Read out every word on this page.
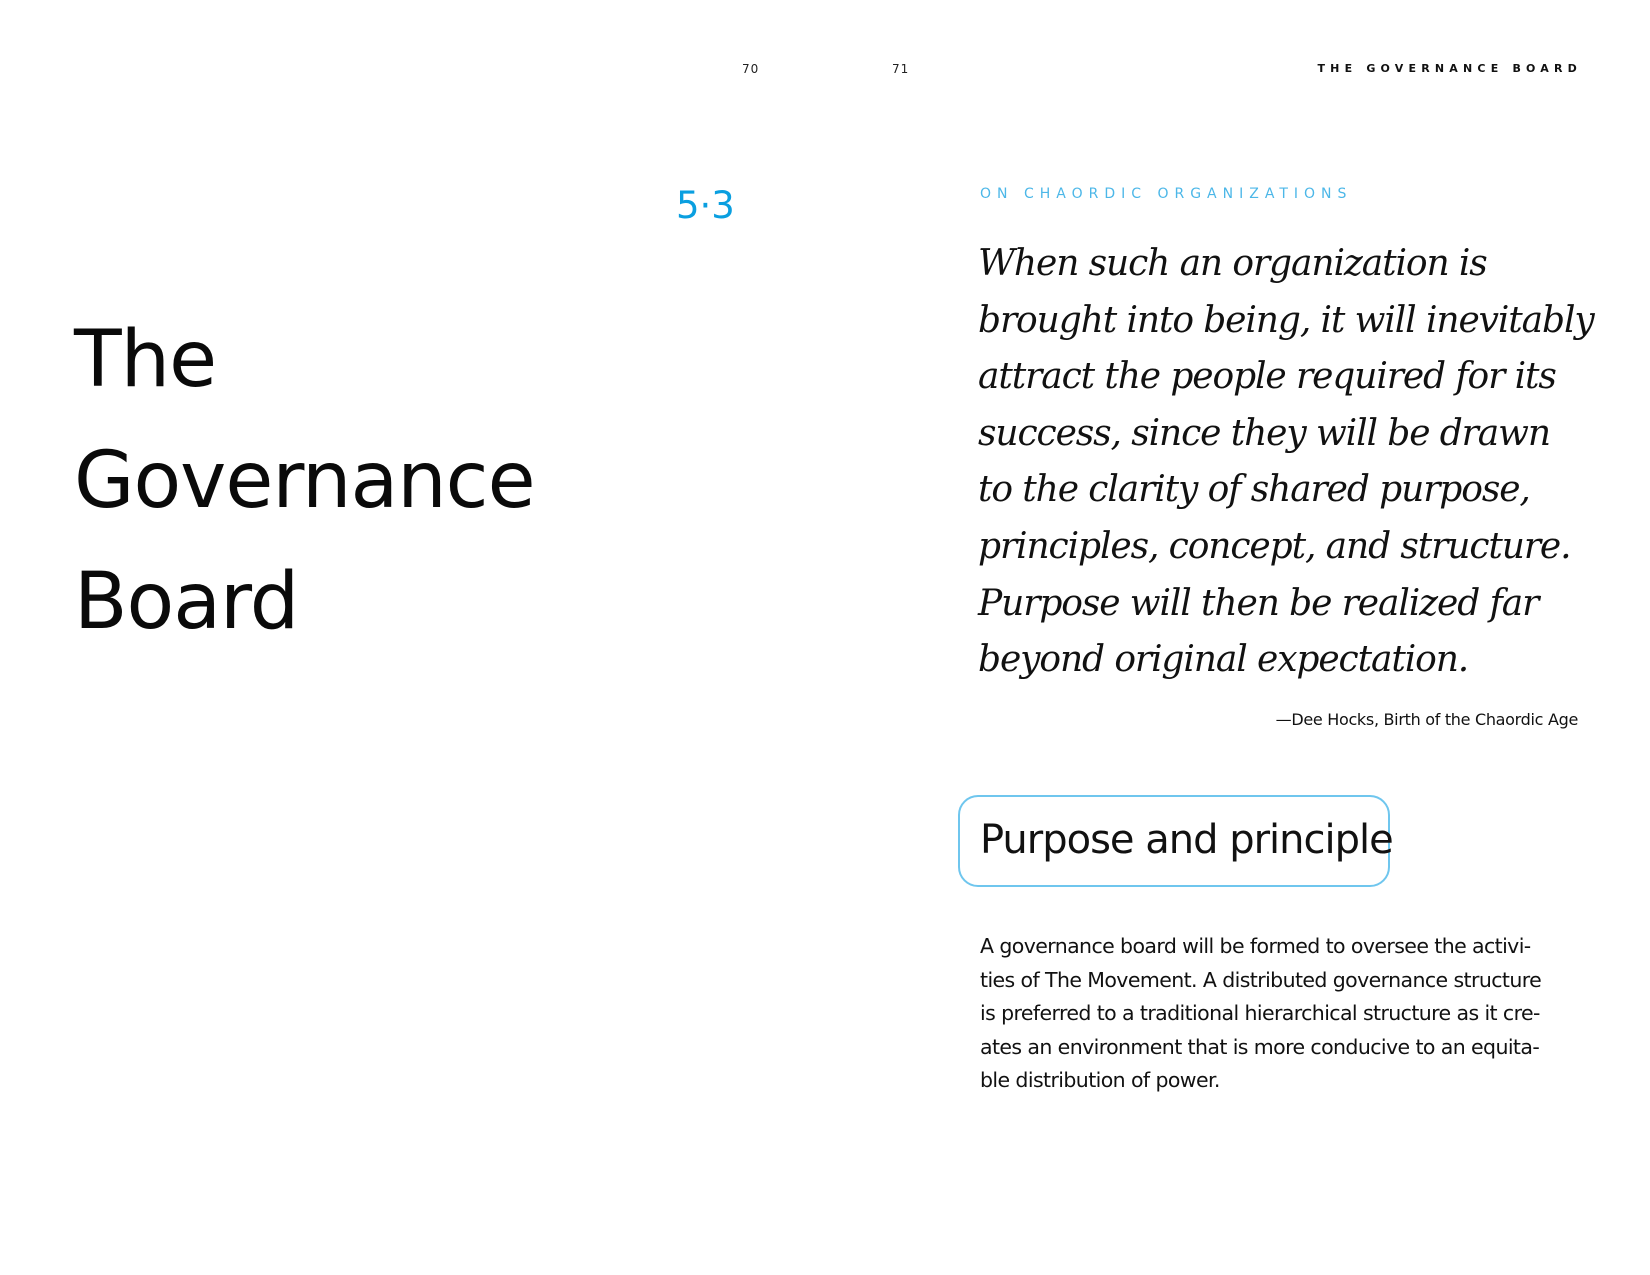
70	71	THE GOVERNANCE BOARD
5·3
The
Governance
Board
ON CHAORDIC ORGANIZATIONS
When such an organization is
brought into being, it will inevitably
attract the people required for its
success, since they will be drawn
to the clarity of shared purpose,
principles, concept, and structure.
Purpose will then be realized far
beyond original expectation.
—Dee Hocks, Birth of the Chaordic Age
Purpose and principle

A governance board will be formed to oversee the activi-
ties of The Movement. A distributed governance structure
is preferred to a traditional hierarchical structure as it cre-
ates an environment that is more conducive to an equita-
ble distribution of power.
